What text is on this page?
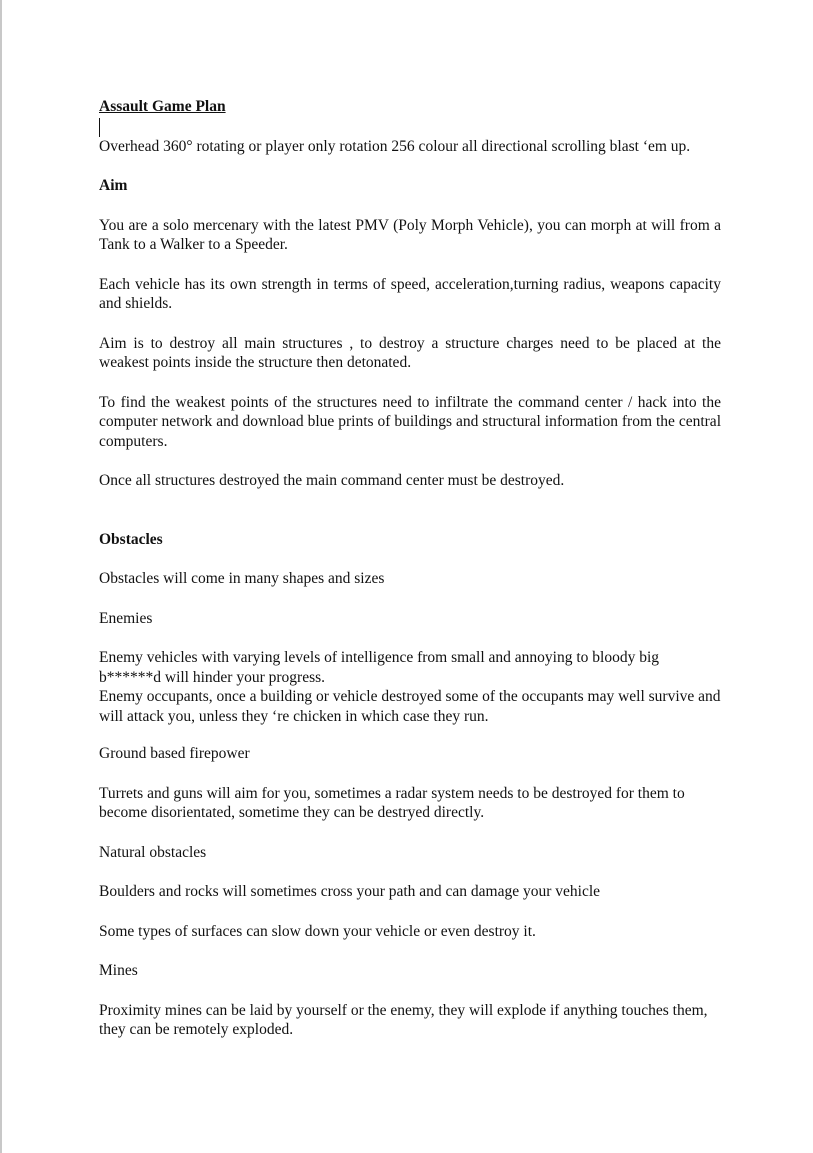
Assault Game Plan

Overhead 360° rotating or player only rotation 256 colour all directional scrolling blast ‘em up.

Aim

You are a solo mercenary with the latest PMV (Poly Morph Vehicle), you can morph at will from a Tank to a Walker to a Speeder.

Each vehicle has its own strength in terms of speed, acceleration,turning radius, weapons capacity and shields.

Aim is to destroy all main structures , to destroy a structure charges need to be placed at the weakest points inside the structure then detonated.

To find the weakest points of the structures need to infiltrate the command center / hack into the computer network and download blue prints of buildings and structural information from the central computers.

Once all structures destroyed the main command center must be destroyed.

Obstacles

Obstacles will come in many shapes and sizes

Enemies

Enemy vehicles with varying levels of intelligence from small and annoying to bloody big b******d will hinder your progress.

Enemy occupants, once a building or vehicle destroyed some of the occupants may well survive and will attack you, unless they ‘re chicken in which case they run.

Ground based firepower

Turrets and guns will aim for you, sometimes a radar system needs to be destroyed for them to become disorientated, sometime they can be destryed directly.

Natural obstacles

Boulders and rocks will sometimes cross your path and can damage your vehicle

Some types of surfaces can slow down your vehicle or even destroy it.

Mines

Proximity mines can be laid by yourself or the enemy, they will explode if anything touches them, they can be remotely exploded.
